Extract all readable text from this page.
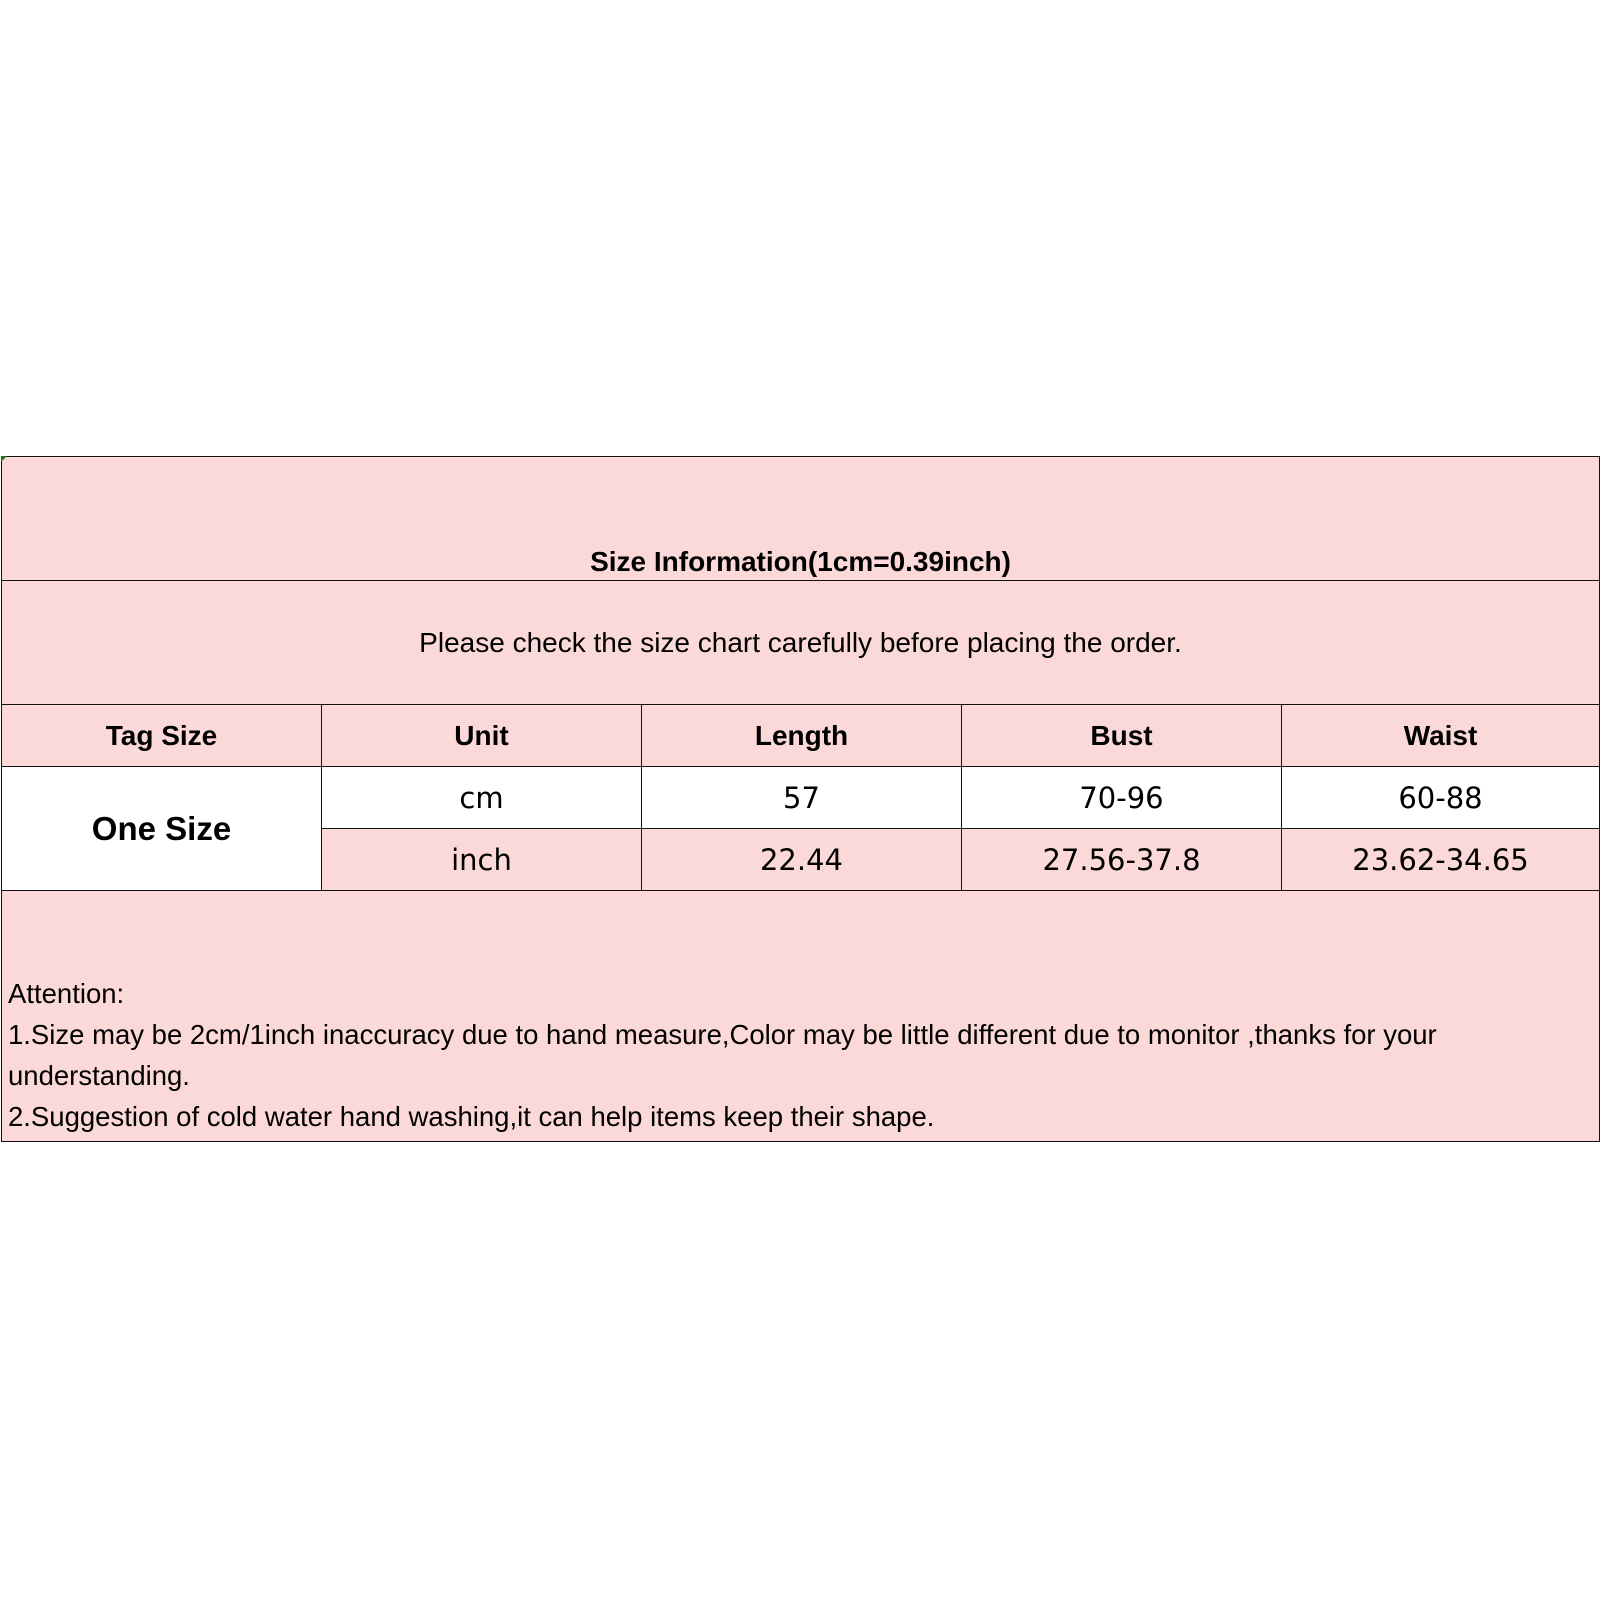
Size Information(1cm=0.39inch)				

Please check the size chart carefully before placing the order.				
Tag Size	Unit	Length	Bust	Waist
One Size	cm	57	70-96	60-88
	inch	22.44	27.56-37.8	23.62-34.65

Attention:
1.Size may be 2cm/1inch inaccuracy due to hand measure,Color may be little different due to monitor ,thanks for your understanding.
2.Suggestion of cold water hand washing,it can help items keep their shape.				
